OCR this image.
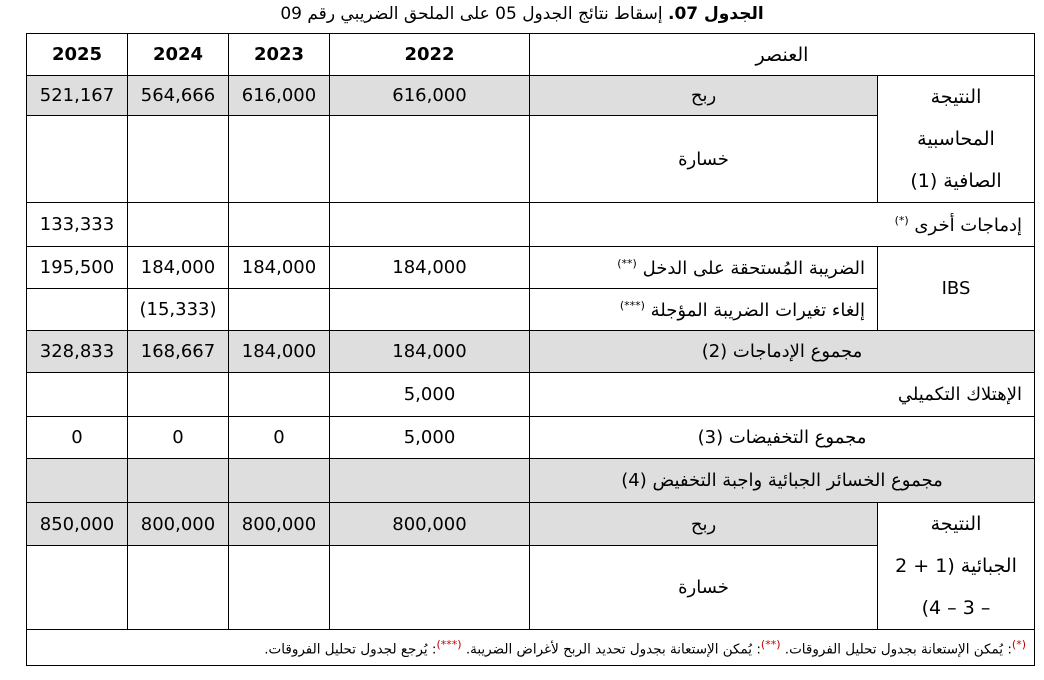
الجدول 07. إسقاط نتائج الجدول 05 على الملحق الضريبي رقم 09
2025	2024	2023	2022	العنصر	
521,167	564,666	616,000	616,000	ربح	النتيجة
المحاسبية
الصافية (1)

				خسارة	
133,333				إدماجات أخرى (*)
195,500	184,000	184,000	184,000	الضريبة المُستحقة على الدخل (**)	IBS
	(15,333)			إلغاء تغيرات الضريبة المؤجلة (***)
328,833	168,667	184,000	184,000	مجموع الإدماجات (2)	
			5,000	الإهتلاك التكميلي	
0	0	0	5,000	مجموع التخفيضات (3)	
				مجموع الخسائر الجبائية واجبة التخفيض (4)	
850,000	800,000	800,000	800,000	ربح	النتيجة
الجبائية (1 + 2
– 3 – 4)

				خسارة	
(*): يُمكن الإستعانة بجدول تحليل الفروقات. (**): يُمكن الإستعانة بجدول تحديد الربح لأغراض الضريبة. (***): يُرجع لجدول تحليل الفروقات.					
